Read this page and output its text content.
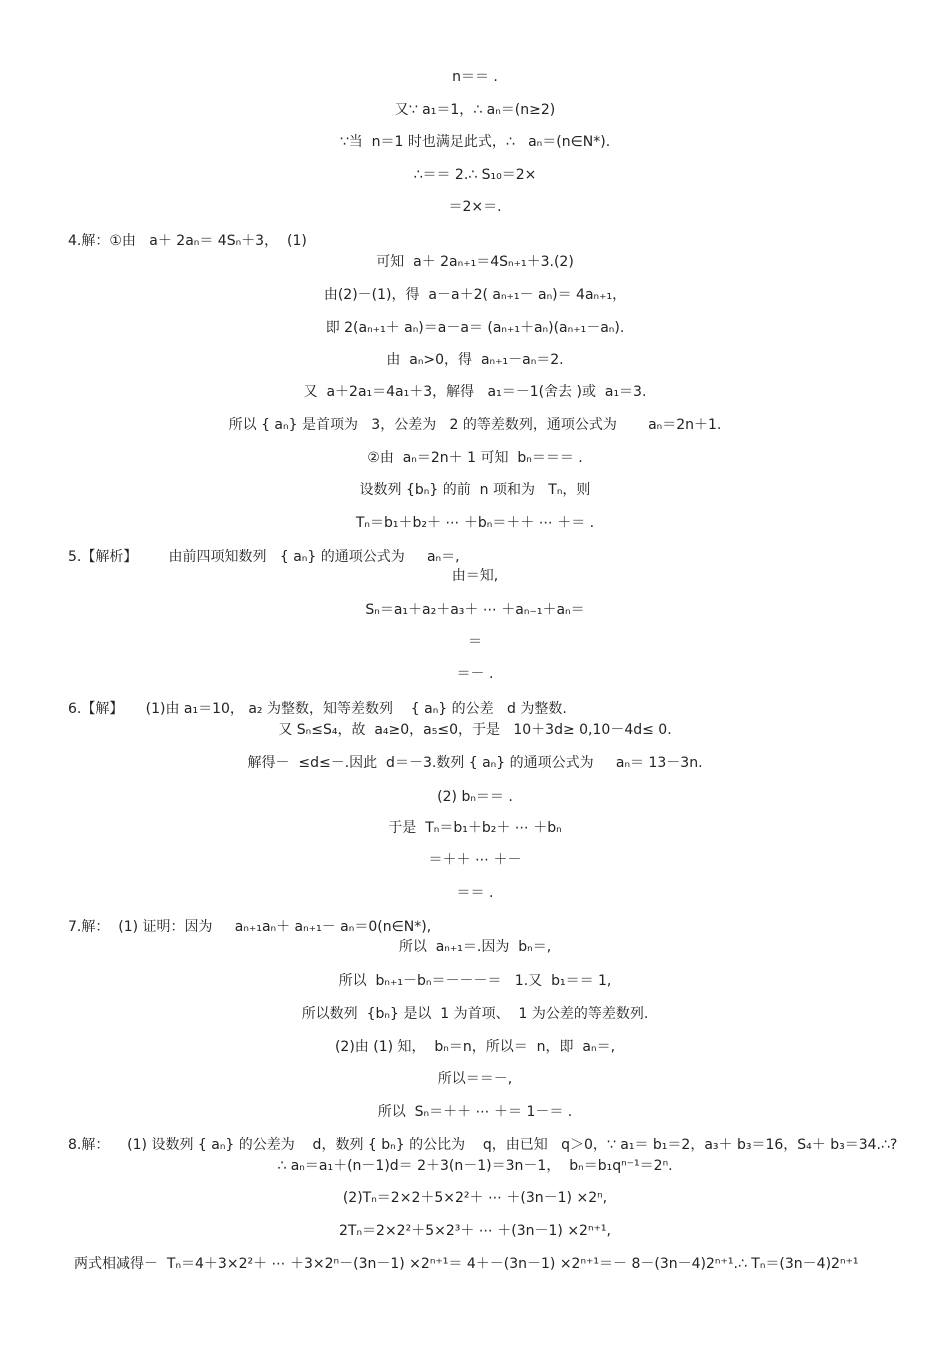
n＝＝ .
又∵ a₁＝1，∴ aₙ＝(n≥2)
∵当  n＝1 时也满足此式，∴   aₙ＝(n∈N*).
∴＝＝ 2.∴ S₁₀＝2×
＝2×＝.
4.解：①由   a＋ 2aₙ＝ 4Sₙ＋3，  (1)
可知  a＋ 2aₙ₊₁＝4Sₙ₊₁＋3.(2)
由(2)－(1)，得  a－a＋2( aₙ₊₁－ aₙ)＝ 4aₙ₊₁，
即 2(aₙ₊₁＋ aₙ)＝a－a＝ (aₙ₊₁＋aₙ)(aₙ₊₁－aₙ).
由  aₙ>0，得  aₙ₊₁－aₙ＝2.
又  a＋2a₁＝4a₁＋3，解得   a₁＝－1(舍去 )或  a₁＝3.
所以 { aₙ} 是首项为   3，公差为   2 的等差数列，通项公式为       aₙ＝2n＋1.
②由  aₙ＝2n＋ 1 可知  bₙ＝＝＝ .
设数列 {bₙ} 的前  n 项和为   Tₙ，则
Tₙ＝b₁＋b₂＋ ⋯ ＋bₙ＝＋＋ ⋯ ＋＝ .
5.【解析】       由前四项知数列   { aₙ} 的通项公式为     aₙ＝,
由＝知,
Sₙ＝a₁＋a₂＋a₃＋ ⋯ ＋aₙ₋₁＋aₙ＝
＝
＝－ .
6.【解】     (1)由 a₁＝10， a₂ 为整数，知等差数列    { aₙ} 的公差   d 为整数.
又 Sₙ≤S₄，故  a₄≥0，a₅≤0，于是   10＋3d≥ 0,10－4d≤ 0.
解得－  ≤d≤－.因此  d＝－3.数列 { aₙ} 的通项公式为     aₙ＝ 13－3n.
(2) bₙ＝＝ .
于是  Tₙ＝b₁＋b₂＋ ⋯ ＋bₙ
＝＋＋ ⋯ ＋－
＝＝ .
7.解：  (1) 证明：因为     aₙ₊₁aₙ＋ aₙ₊₁－ aₙ＝0(n∈N*),
所以  aₙ₊₁＝.因为  bₙ＝,
所以  bₙ₊₁－bₙ＝－－－＝   1.又  b₁＝＝ 1,
所以数列  {bₙ} 是以  1 为首项、  1 为公差的等差数列.
(2)由 (1) 知，  bₙ＝n，所以＝  n，即  aₙ＝,
所以＝＝－,
所以  Sₙ＝＋＋ ⋯ ＋＝ 1－＝ .
8.解：    (1) 设数列 { aₙ} 的公差为    d，数列 { bₙ} 的公比为    q，由已知   q＞0，∵ a₁＝ b₁＝2，a₃＋ b₃＝16，S₄＋ b₃＝34.∴?
∴ aₙ＝a₁＋(n－1)d＝ 2＋3(n－1)＝3n－1，  bₙ＝b₁qⁿ⁻¹＝2ⁿ.
(2)Tₙ＝2×2＋5×2²＋ ⋯ ＋(3n－1) ×2ⁿ,
2Tₙ＝2×2²＋5×2³＋ ⋯ ＋(3n－1) ×2ⁿ⁺¹,
两式相减得－  Tₙ＝4＋3×2²＋ ⋯ ＋3×2ⁿ－(3n－1) ×2ⁿ⁺¹＝ 4＋－(3n－1) ×2ⁿ⁺¹＝－ 8－(3n－4)2ⁿ⁺¹.∴ Tₙ＝(3n－4)2ⁿ⁺¹
